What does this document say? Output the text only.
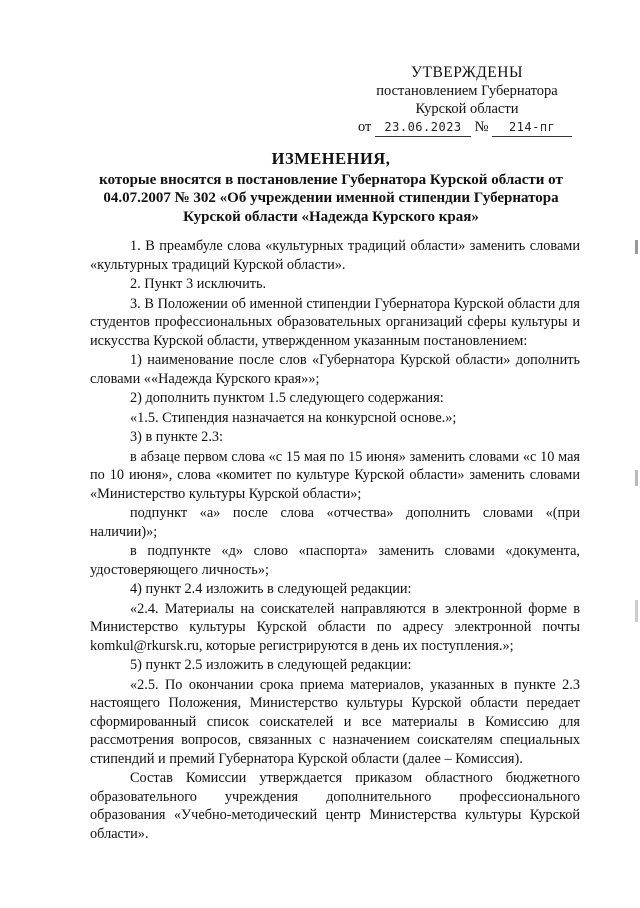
УТВЕРЖДЕНЫ
постановлением Губернатора
Курской области
от 23.06.2023 № 214-пг
ИЗМЕНЕНИЯ,
которые вносятся в постановление Губернатора Курской области от 04.07.2007 № 302 «Об учреждении именной стипендии Губернатора Курской области «Надежда Курского края»

1. В преамбуле слова «культурных традиций области» заменить словами «культурных традиций Курской области».

2. Пункт 3 исключить.

3. В Положении об именной стипендии Губернатора Курской области для студентов профессиональных образовательных организаций сферы культуры и искусства Курской области, утвержденном указанным постановлением:

1) наименование после слов «Губернатора Курской области» дополнить словами ««Надежда Курского края»»;

2) дополнить пунктом 1.5 следующего содержания:

«1.5. Стипендия назначается на конкурсной основе.»;

3) в пункте 2.3:

в абзаце первом слова «с 15 мая по 15 июня» заменить словами «с 10 мая по 10 июня», слова «комитет по культуре Курской области» заменить словами «Министерство культуры Курской области»;

подпункт «а» после слова «отчества» дополнить словами «(при наличии)»;

в подпункте «д» слово «паспорта» заменить словами «документа, удостоверяющего личность»;

4) пункт 2.4 изложить в следующей редакции:

«2.4. Материалы на соискателей направляются в электронной форме в Министерство культуры Курской области по адресу электронной почты komkul@rkursk.ru, которые регистрируются в день их поступления.»;

5) пункт 2.5 изложить в следующей редакции:

«2.5. По окончании срока приема материалов, указанных в пункте 2.3 настоящего Положения, Министерство культуры Курской области передает сформированный список соискателей и все материалы в Комиссию для рассмотрения вопросов, связанных с назначением соискателям специальных стипендий и премий Губернатора Курской области (далее – Комиссия).

Состав Комиссии утверждается приказом областного бюджетного образовательного учреждения дополнительного профессионального образования «Учебно-методический центр Министерства культуры Курской области».
